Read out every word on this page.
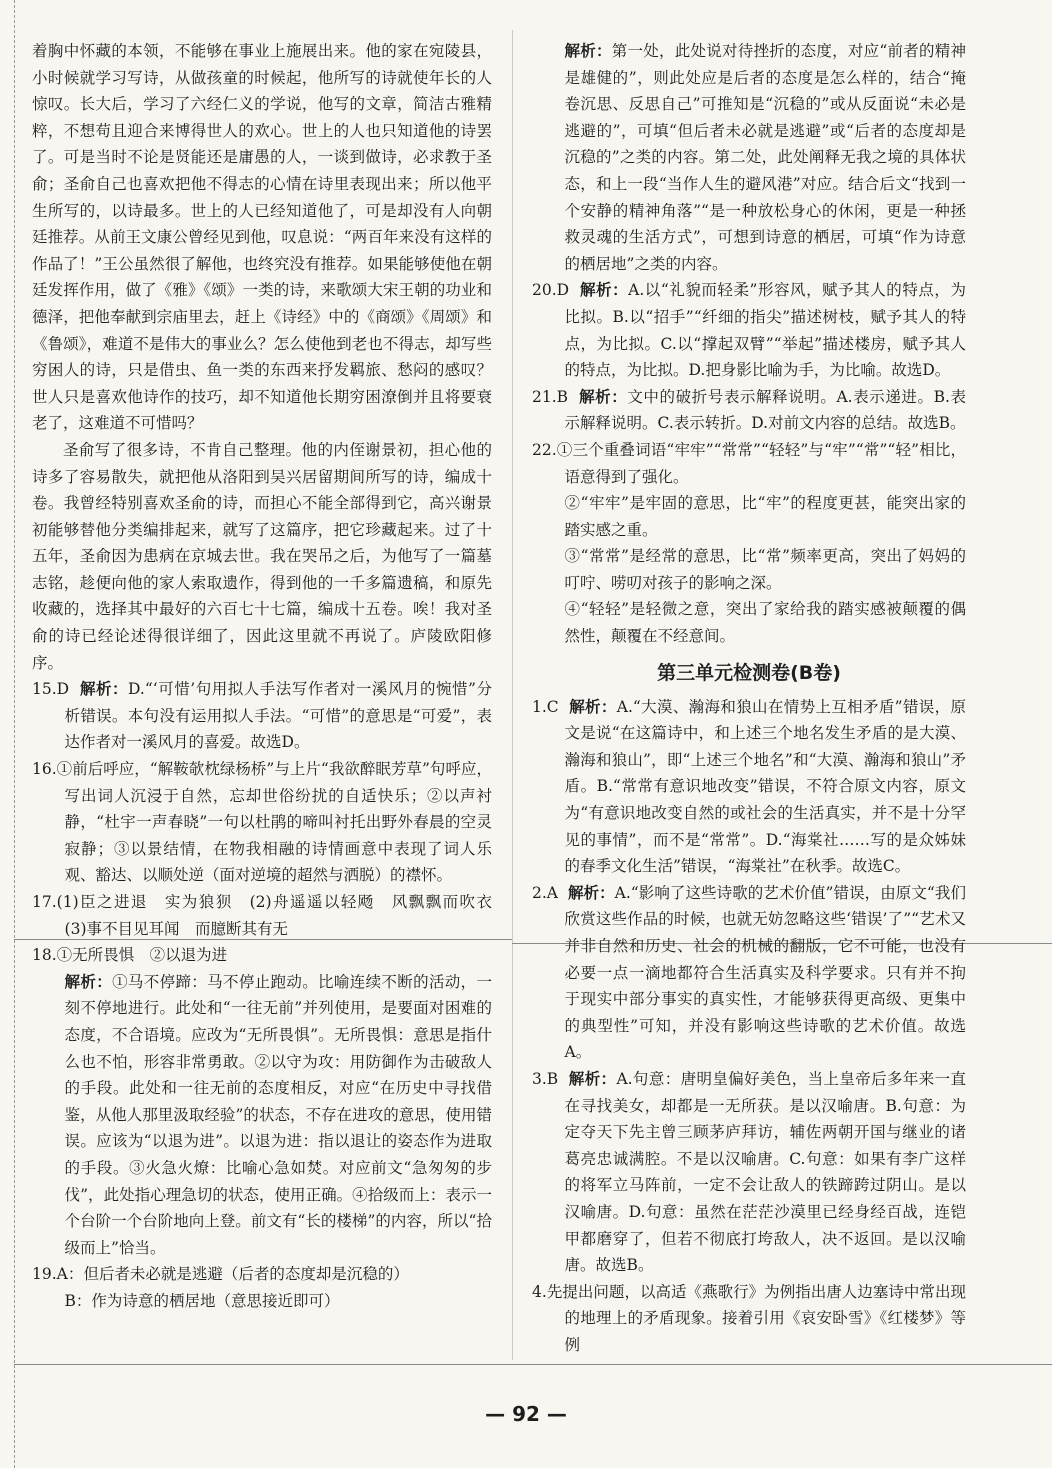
着胸中怀藏的本领，不能够在事业上施展出来。他的家在宛陵县，小时候就学习写诗，从做孩童的时候起，他所写的诗就使年长的人惊叹。长大后，学习了六经仁义的学说，他写的文章，简洁古雅精粹，不想苟且迎合来博得世人的欢心。世上的人也只知道他的诗罢了。可是当时不论是贤能还是庸愚的人，一谈到做诗，必求教于圣俞；圣俞自己也喜欢把他不得志的心情在诗里表现出来；所以他平生所写的，以诗最多。世上的人已经知道他了，可是却没有人向朝廷推荐。从前王文康公曾经见到他，叹息说：“两百年来没有这样的作品了！”王公虽然很了解他，也终究没有推荐。如果能够使他在朝廷发挥作用，做了《雅》《颂》一类的诗，来歌颂大宋王朝的功业和德泽，把他奉献到宗庙里去，赶上《诗经》中的《商颂》《周颂》和《鲁颂》，难道不是伟大的事业么？怎么使他到老也不得志，却写些穷困人的诗，只是借虫、鱼一类的东西来抒发羁旅、愁闷的感叹？世人只是喜欢他诗作的技巧，却不知道他长期穷困潦倒并且将要衰老了，这难道不可惜吗？

圣俞写了很多诗，不肯自己整理。他的内侄谢景初，担心他的诗多了容易散失，就把他从洛阳到吴兴居留期间所写的诗，编成十卷。我曾经特别喜欢圣俞的诗，而担心不能全部得到它，高兴谢景初能够替他分类编排起来，就写了这篇序，把它珍藏起来。过了十五年，圣俞因为患病在京城去世。我在哭吊之后，为他写了一篇墓志铭，趁便向他的家人索取遗作，得到他的一千多篇遗稿，和原先收藏的，选择其中最好的六百七十七篇，编成十五卷。唉！我对圣俞的诗已经论述得很详细了，因此这里就不再说了。庐陵欧阳修序。

15.D 解析：D.“‘可惜’句用拟人手法写作者对一溪风月的惋惜”分析错误。本句没有运用拟人手法。“可惜”的意思是“可爱”，表达作者对一溪风月的喜爱。故选D。

16.①前后呼应，“解鞍欹枕绿杨桥”与上片“我欲醉眠芳草”句呼应，写出词人沉浸于自然，忘却世俗纷扰的自适快乐；②以声衬静，“杜宇一声春晓”一句以杜鹃的啼叫衬托出野外春晨的空灵寂静；③以景结情，在物我相融的诗情画意中表现了词人乐观、豁达、以顺处逆（面对逆境的超然与洒脱）的襟怀。

17.(1)臣之进退　实为狼狈　(2)舟遥遥以轻飏　风飘飘而吹衣　(3)事不目见耳闻　而臆断其有无

18.①无所畏惧　②以退为进

解析：①马不停蹄：马不停止跑动。比喻连续不断的活动，一刻不停地进行。此处和“一往无前”并列使用，是要面对困难的态度，不合语境。应改为“无所畏惧”。无所畏惧：意思是指什么也不怕，形容非常勇敢。②以守为攻：用防御作为击破敌人的手段。此处和一往无前的态度相反，对应“在历史中寻找借鉴，从他人那里汲取经验”的状态，不存在进攻的意思，使用错误。应该为“以退为进”。以退为进：指以退让的姿态作为进取的手段。③火急火燎：比喻心急如焚。对应前文“急匆匆的步伐”，此处指心理急切的状态，使用正确。④拾级而上：表示一个台阶一个台阶地向上登。前文有“长的楼梯”的内容，所以“拾级而上”恰当。

19.A：但后者未必就是逃避（后者的态度却是沉稳的）

B：作为诗意的栖居地（意思接近即可）

解析：第一处，此处说对待挫折的态度，对应“前者的精神是雄健的”，则此处应是后者的态度是怎么样的，结合“掩卷沉思、反思自己”可推知是“沉稳的”或从反面说“未必是逃避的”，可填“但后者未必就是逃避”或“后者的态度却是沉稳的”之类的内容。第二处，此处阐释无我之境的具体状态，和上一段“当作人生的避风港”对应。结合后文“找到一个安静的精神角落”“是一种放松身心的休闲，更是一种拯救灵魂的生活方式”，可想到诗意的栖居，可填“作为诗意的栖居地”之类的内容。

20.D 解析：A.以“礼貌而轻柔”形容风，赋予其人的特点，为比拟。B.以“招手”“纤细的指尖”描述树枝，赋予其人的特点，为比拟。C.以“撑起双臂”“举起”描述楼房，赋予其人的特点，为比拟。D.把身影比喻为手，为比喻。故选D。

21.B 解析：文中的破折号表示解释说明。A.表示递进。B.表示解释说明。C.表示转折。D.对前文内容的总结。故选B。

22.①三个重叠词语“牢牢”“常常”“轻轻”与“牢”“常”“轻”相比，语意得到了强化。

②“牢牢”是牢固的意思，比“牢”的程度更甚，能突出家的踏实感之重。

③“常常”是经常的意思，比“常”频率更高，突出了妈妈的叮咛、唠叨对孩子的影响之深。

④“轻轻”是轻微之意，突出了家给我的踏实感被颠覆的偶然性，颠覆在不经意间。

第三单元检测卷(B卷)

1.C 解析：A.“大漠、瀚海和狼山在情势上互相矛盾”错误，原文是说“在这篇诗中，和上述三个地名发生矛盾的是大漠、瀚海和狼山”，即“上述三个地名”和“大漠、瀚海和狼山”矛盾。B.“常常有意识地改变”错误，不符合原文内容，原文为“有意识地改变自然的或社会的生活真实，并不是十分罕见的事情”，而不是“常常”。D.“海棠社……写的是众姊妹的春季文化生活”错误，“海棠社”在秋季。故选C。

2.A 解析：A.“影响了这些诗歌的艺术价值”错误，由原文“我们欣赏这些作品的时候，也就无妨忽略这些‘错误’了”“艺术又并非自然和历史、社会的机械的翻版，它不可能，也没有必要一点一滴地都符合生活真实及科学要求。只有并不拘于现实中部分事实的真实性，才能够获得更高级、更集中的典型性”可知，并没有影响这些诗歌的艺术价值。故选A。

3.B 解析：A.句意：唐明皇偏好美色，当上皇帝后多年来一直在寻找美女，却都是一无所获。是以汉喻唐。B.句意：为定夺天下先主曾三顾茅庐拜访，辅佐两朝开国与继业的诸葛亮忠诚满腔。不是以汉喻唐。C.句意：如果有李广这样的将军立马阵前，一定不会让敌人的铁蹄跨过阴山。是以汉喻唐。D.句意：虽然在茫茫沙漠里已经身经百战，连铠甲都磨穿了，但若不彻底打垮敌人，决不返回。是以汉喻唐。故选B。

4.先提出问题，以高适《燕歌行》为例指出唐人边塞诗中常出现的地理上的矛盾现象。接着引用《哀安卧雪》《红楼梦》等例

— 92 —
